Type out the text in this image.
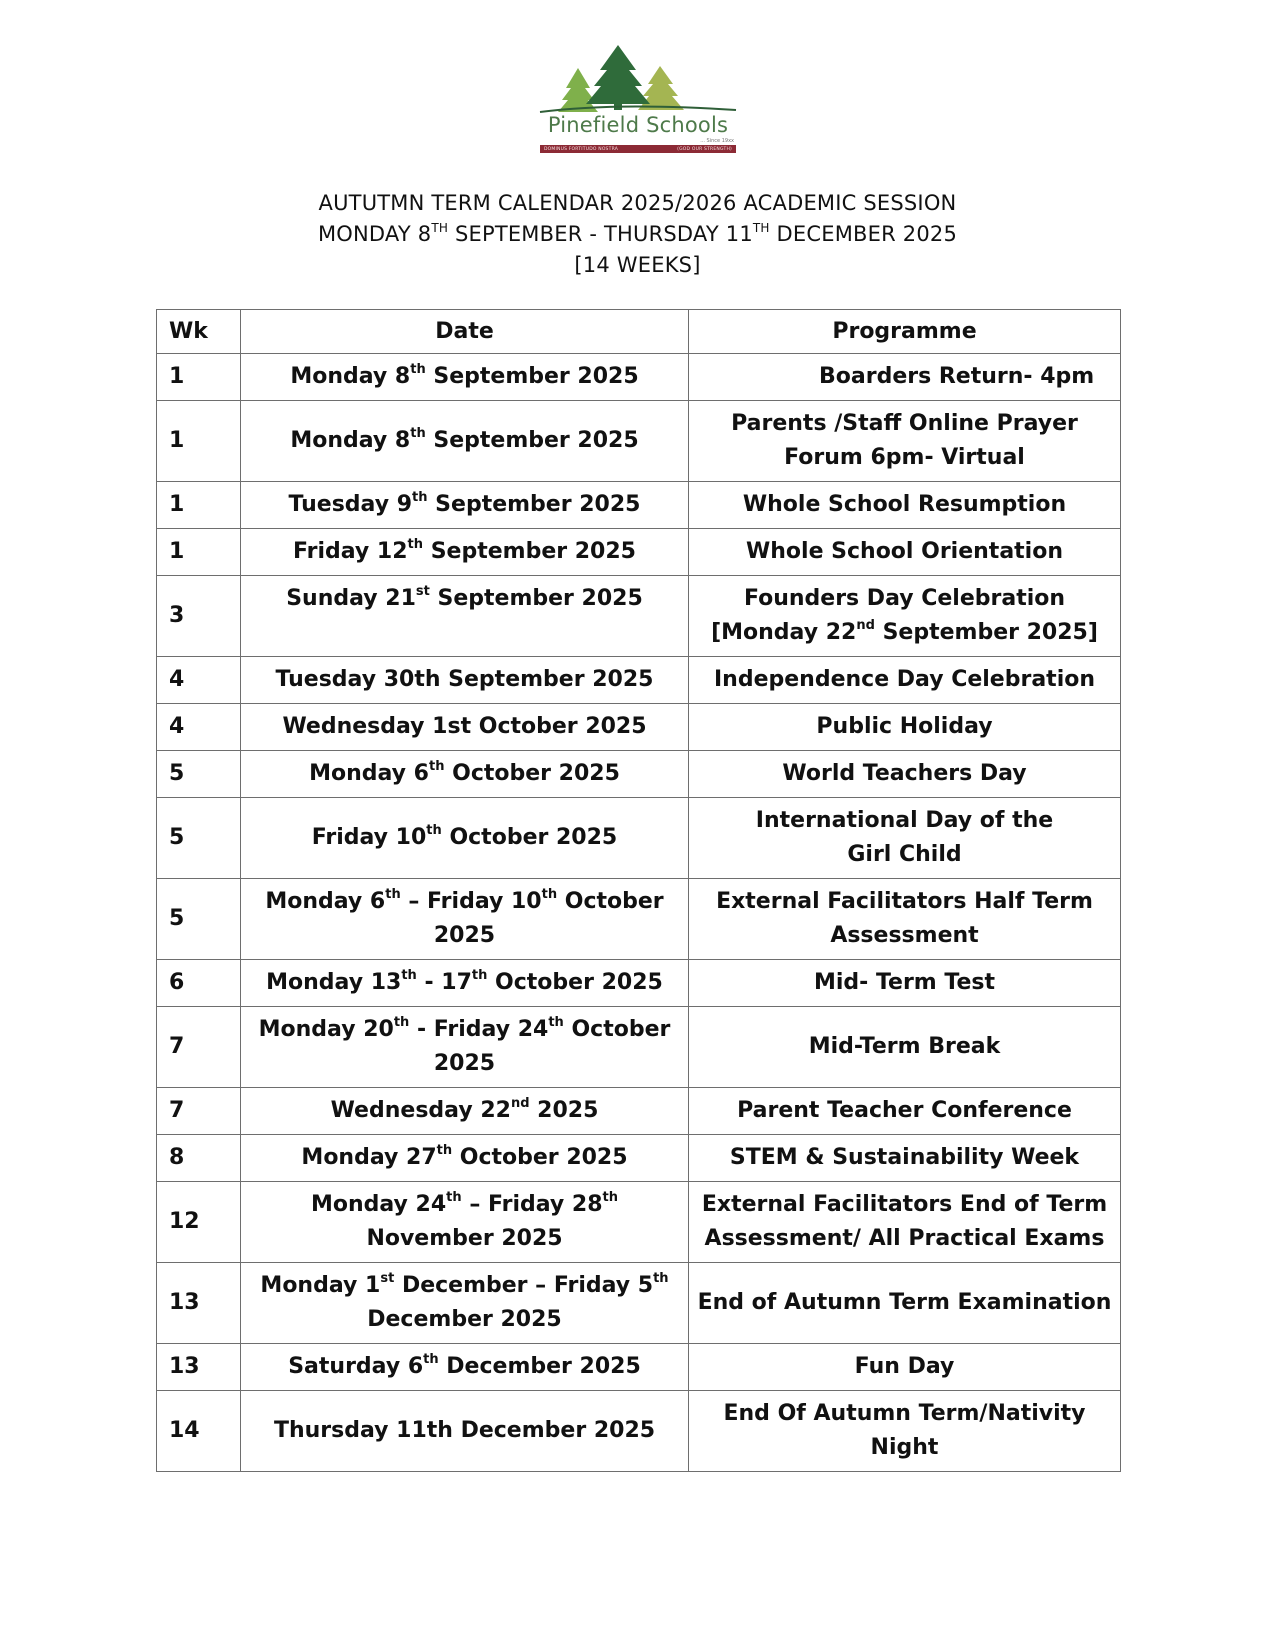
Pinefield Schools
... Since 19xx
DOMINUS FORTITUDO NOSTRA	(GOD OUR STRENGTH)
AUTUTMN TERM CALENDAR 2025/2026 ACADEMIC SESSION
MONDAY 8TH SEPTEMBER - THURSDAY 11TH DECEMBER 2025
[14 WEEKS]
Wk	Date	Programme
1	Monday 8th September 2025	Boarders Return- 4pm

1	Monday 8th September 2025	Parents /Staff Online Prayer
Forum 6pm- Virtual

1	Tuesday 9th September 2025	Whole School Resumption

1	Friday 12th September 2025	Whole School Orientation

3	Sunday 21st September 2025	Founders Day Celebration
[Monday 22nd September 2025]

4	Tuesday 30th September 2025	Independence Day Celebration

4	Wednesday 1st October 2025	Public Holiday

5	Monday 6th October 2025	World Teachers Day

5	Friday 10th October 2025	International Day of the
Girl Child

5	Monday 6th – Friday 10th October 2025	External Facilitators Half Term
Assessment

6	Monday 13th - 17th October 2025	Mid- Term Test

7	Monday 20th - Friday 24th October 2025	Mid-Term Break

7	Wednesday 22nd 2025	Parent Teacher Conference

8	Monday 27th October 2025	STEM & Sustainability Week

12	Monday 24th – Friday 28th November 2025	External Facilitators End of Term
Assessment/ All Practical Exams

13	Monday 1st December – Friday 5th December 2025	End of Autumn Term Examination

13	Saturday 6th December 2025	Fun Day

14	Thursday 11th December 2025	End Of Autumn Term/Nativity
Night
